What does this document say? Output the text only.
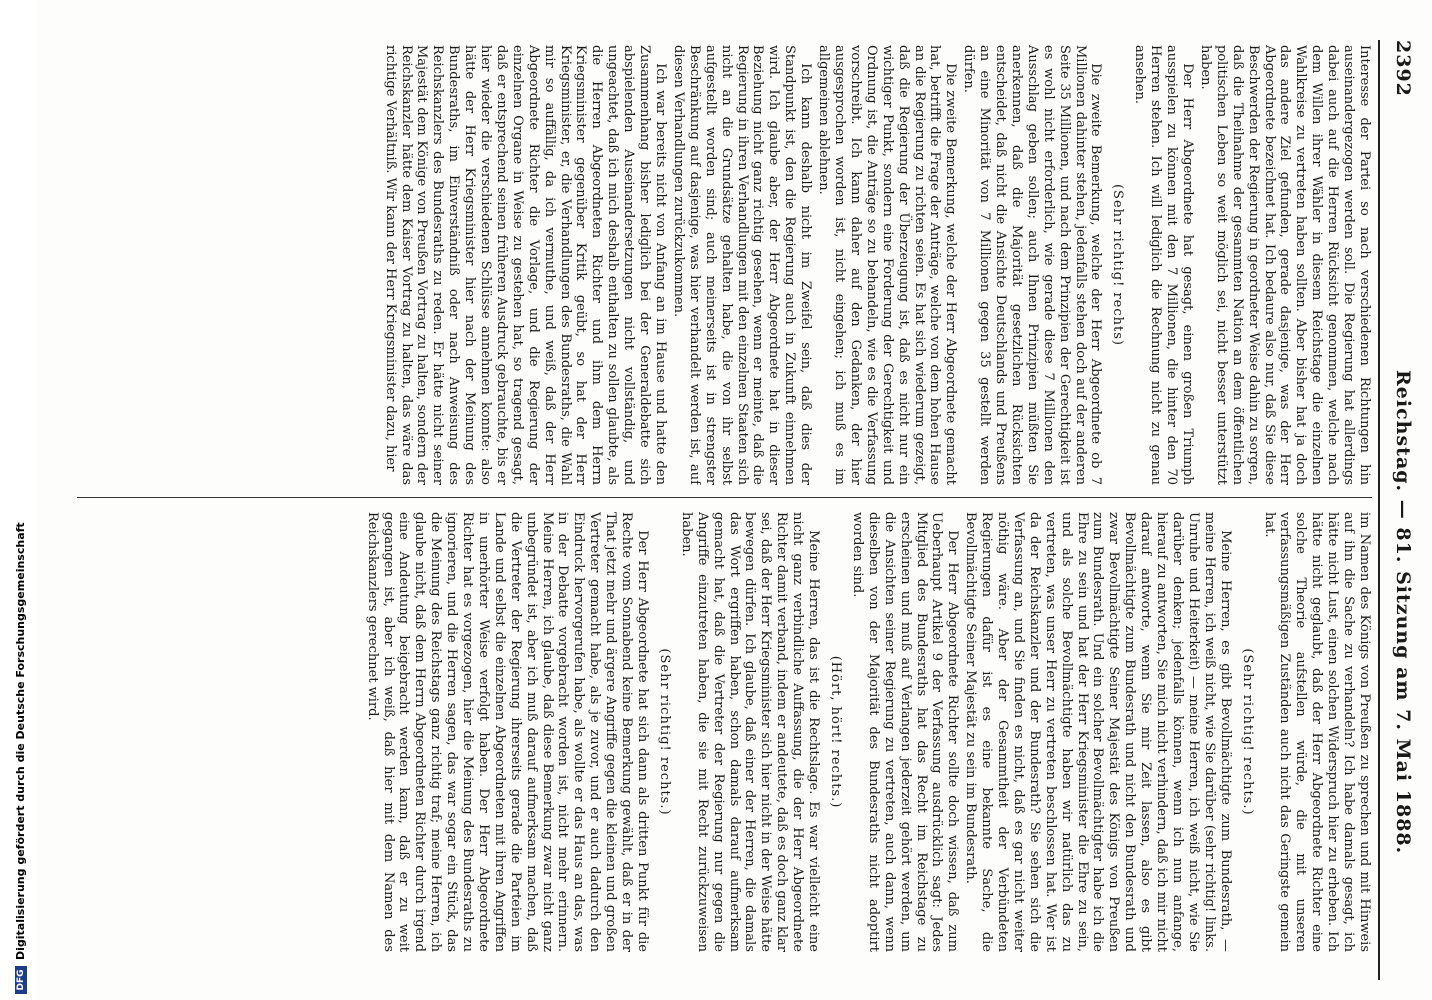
2392
Reichstag. — 81. Sitzung am 7. Mai 1888.

Interesse der Partei so nach verschiedenen Richtungen hin auseinandergezogen werden soll. Die Regierung hat allerdings dabei auch auf die Herren Rücksicht genommen, welche nach dem Willen ihrer Wähler in diesem Reichstage die einzelnen Wahlkreise zu vertreten haben sollten. Aber bisher hat ja doch das andere Ziel gefunden, gerade dasjenige, was der Herr Abgeordnete bezeichnet hat. Ich bedaure also nur, daß Sie diese Beschwerden der Regierung in geordneter Weise dahin zu sorgen, daß die Theilnahme der gesammten Nation an dem öffentlichen politischen Leben so weit möglich sei, nicht besser unterstützt haben.

Der Herr Abgeordnete hat gesagt, einen großen Triumph ausspielen zu können mit den 7 Millionen, die hinter den 70 Herren stehen. Ich will lediglich die Rechnung nicht zu genau ansehen.

(Sehr richtig! rechts)

Die zweite Bemerkung, welche der Herr Abgeordnete ob 7 Millionen dahinter stehen, jedenfalls stehen doch auf der anderen Seite 35 Millionen, und nach dem Prinzipien der Gerechtigkeit ist es wohl nicht erforderlich, wie gerade diese 7 Millionen den Ausschlag geben sollen; auch Ihnen Prinzipien müßten Sie anerkennen, daß die Majorität gesetzlichen Rücksichten entscheidet, daß nicht die Ansichte Deutschlands und Preußens an eine Minorität von 7 Millionen gegen 35 gestellt werden dürfen.

Die zweite Bemerkung, welche der Herr Abgeordnete gemacht hat, betrifft die Frage der Anträge, welche von dem hohen Hause an die Regierung zu richten seien. Es hat sich wiederum gezeigt, daß die Regierung der Überzeugung ist, daß es nicht nur ein wichtiger Punkt, sondern eine Forderung der Gerechtigkeit und Ordnung ist, die Anträge so zu behandeln, wie es die Verfassung vorschreibt. Ich kann daher auf den Gedanken, der hier ausgesprochen worden ist, nicht eingehen; ich muß es im allgemeinen ablehnen.

Ich kann deshalb nicht im Zweifel sein, daß dies der Standpunkt ist, den die Regierung auch in Zukunft einnehmen wird. Ich glaube aber, der Herr Abgeordnete hat in dieser Beziehung nicht ganz richtig gesehen, wenn er meinte, daß die Regierung in ihren Verhandlungen mit den einzelnen Staaten sich nicht an die Grundsätze gehalten habe, die von ihr selbst aufgestellt worden sind; auch meinerseits ist in strengster Beschränkung auf dasjenige, was hier verhandelt werden ist, auf diesen Verhandlungen zurückzukommen.

Ich war bereits nicht von Anfang an im Hause und hatte den Zusammenhang bisher lediglich bei der Generaldebatte sich abspielenden Auseinandersetzungen nicht vollständig, und ungeachtet, daß ich mich deshalb enthalten zu sollen glaubte, als die Herren Abgeordneten Richter und ihm dem Herrn Kriegsminister gegenüber Kritik geübt, so hat der Herr Kriegsminister, er, die Verhandlungen des Bundesraths, die Wahl mir so auffällig, da ich vermuthe, und weiß, daß der Herr Abgeordnete Richter die Vorlage, und die Regierung der einzelnen Organe in Weise zu gestehen hat, so tragend gesagt, daß er entsprechend seinen früheren Ausdruck gebrauchte, bis er hier wieder die verschiedenen Schlüsse annehmen konnte: also hätte der Herr Kriegsminister hier nach der Meinung des Bundesraths, im Einverständniß oder nach Anweisung des Reichskanzlers des Bundesraths zu reden. Er hätte nicht seiner Majestät dem Könige von Preußen Vortrag zu halten, sondern der Reichskanzler hätte dem Kaiser Vortrag zu halten, das wäre das richtige Verhältniß. Wir kann der Herr Kriegsminister dazu, hier

im Namen des Königs von Preußen zu sprechen und mit Hinweis auf ihn die Sache zu verhandeln? Ich habe damals gesagt, ich hätte nicht Lust, einen solchen Widerspruch hier zu erheben. Ich hätte nicht geglaubt, daß der Herr Abgeordnete Richter eine solche Theorie aufstellen würde, die mit unseren verfassungsmäßigen Zuständen auch nicht das Geringste gemein hat.

(Sehr richtig! rechts.)

Meine Herren, es gibt Bevollmächtigte zum Bundesrath, — meine Herren, ich weiß nicht, wie Sie darüber (sehr richtig! links. Unruhe und Heiterkeit) — meine Herren, ich weiß nicht, wie Sie darüber denken; jedenfalls können, wenn ich nun anfange, hierauf zu antworten, Sie mich nicht verhindern, daß ich mir nicht darauf antworte, wenn Sie mir Zeit lassen, also es gibt Bevollmächtigte zum Bundesrath und nicht den Bundesrath und zwar Bevollmächtigte Seiner Majestät des Königs von Preußen zum Bundesrath. Und ein solcher Bevollmächtigter habe ich die Ehre zu sein und hat der Herr Kriegsminister die Ehre zu sein, und als solche Bevollmächtigte haben wir natürlich das zu vertreten, was unser Herr zu vertreten beschlossen hat. Wer ist da der Reichskanzler und der Bundesrath? Sie sehen sich die Verfassung an, und Sie finden es nicht, daß es gar nicht weiter nöthig wäre. Aber der Gesammtheit der Verbündeten Regierungen dafür ist es eine bekannte Sache, die Bevollmächtigte Seiner Majestät zu sein im Bundesrath.

Der Herr Abgeordnete Richter sollte doch wissen, daß zum Ueberhaupt Artikel 9 der Verfassung ausdrücklich sagt: Jedes Mitglied des Bundesraths hat das Recht im Reichstage zu erscheinen und muß auf Verlangen jederzeit gehört werden, um die Ansichten seiner Regierung zu vertreten, auch dann, wenn dieselben von der Majorität des Bundesraths nicht adoptirt worden sind.

(Hört, hört! rechts.)

Meine Herren, das ist die Rechtslage. Es war vielleicht eine nicht ganz verbindliche Auffassung, die der Herr Abgeordnete Richter damit verband, indem er andeutete, daß es doch ganz klar sei, daß der Herr Kriegsminister sich hier nicht in der Weise hätte bewegen dürfen. Ich glaube, daß einer der Herren, die damals das Wort ergriffen haben, schon damals darauf aufmerksam gemacht hat, daß die Vertreter der Regierung nur gegen die Angriffe einzutreten haben, die sie mit Recht zurückzuweisen haben.

(Sehr richtig! rechts.)

Der Herr Abgeordnete hat sich dann als dritten Punkt für die Rechte vom Sonnabend keine Bemerkung gewählt, daß er in der That jetzt mehr und ärgere Angriffe gegen die kleinen und großen Vertreter gemacht habe, als je zuvor, und er auch dadurch den Eindruck hervorgerufen habe, als wollte er das Haus an das, was in der Debatte vorgebracht worden ist, nicht mehr erinnern. Meine Herren, ich glaube, daß diese Bemerkung zwar nicht ganz unbegründet ist, aber ich muß darauf aufmerksam machen, daß die Vertreter der Regierung ihrerseits gerade die Parteien im Lande und selbst die einzelnen Abgeordneten mit ihren Angriffen in unerhörter Weise verfolgt haben. Der Herr Abgeordnete Richter hat es vorgezogen, hier die Meinung des Bundesraths zu ignorieren, und die Herren sagen, das war sogar ein Stück, das die Meinung des Reichstags ganz richtig traf; meine Herren, ich glaube nicht, daß dem Herrn Abgeordneten Richter durch irgend eine Andeutung beigebracht werden kann, daß er zu weit gegangen ist, aber ich weiß, daß hier mit dem Namen des Reichskanzlers gerechnet wird.

DFG
Digitalisierung gefördert durch die Deutsche Forschungsgemeinschaft
